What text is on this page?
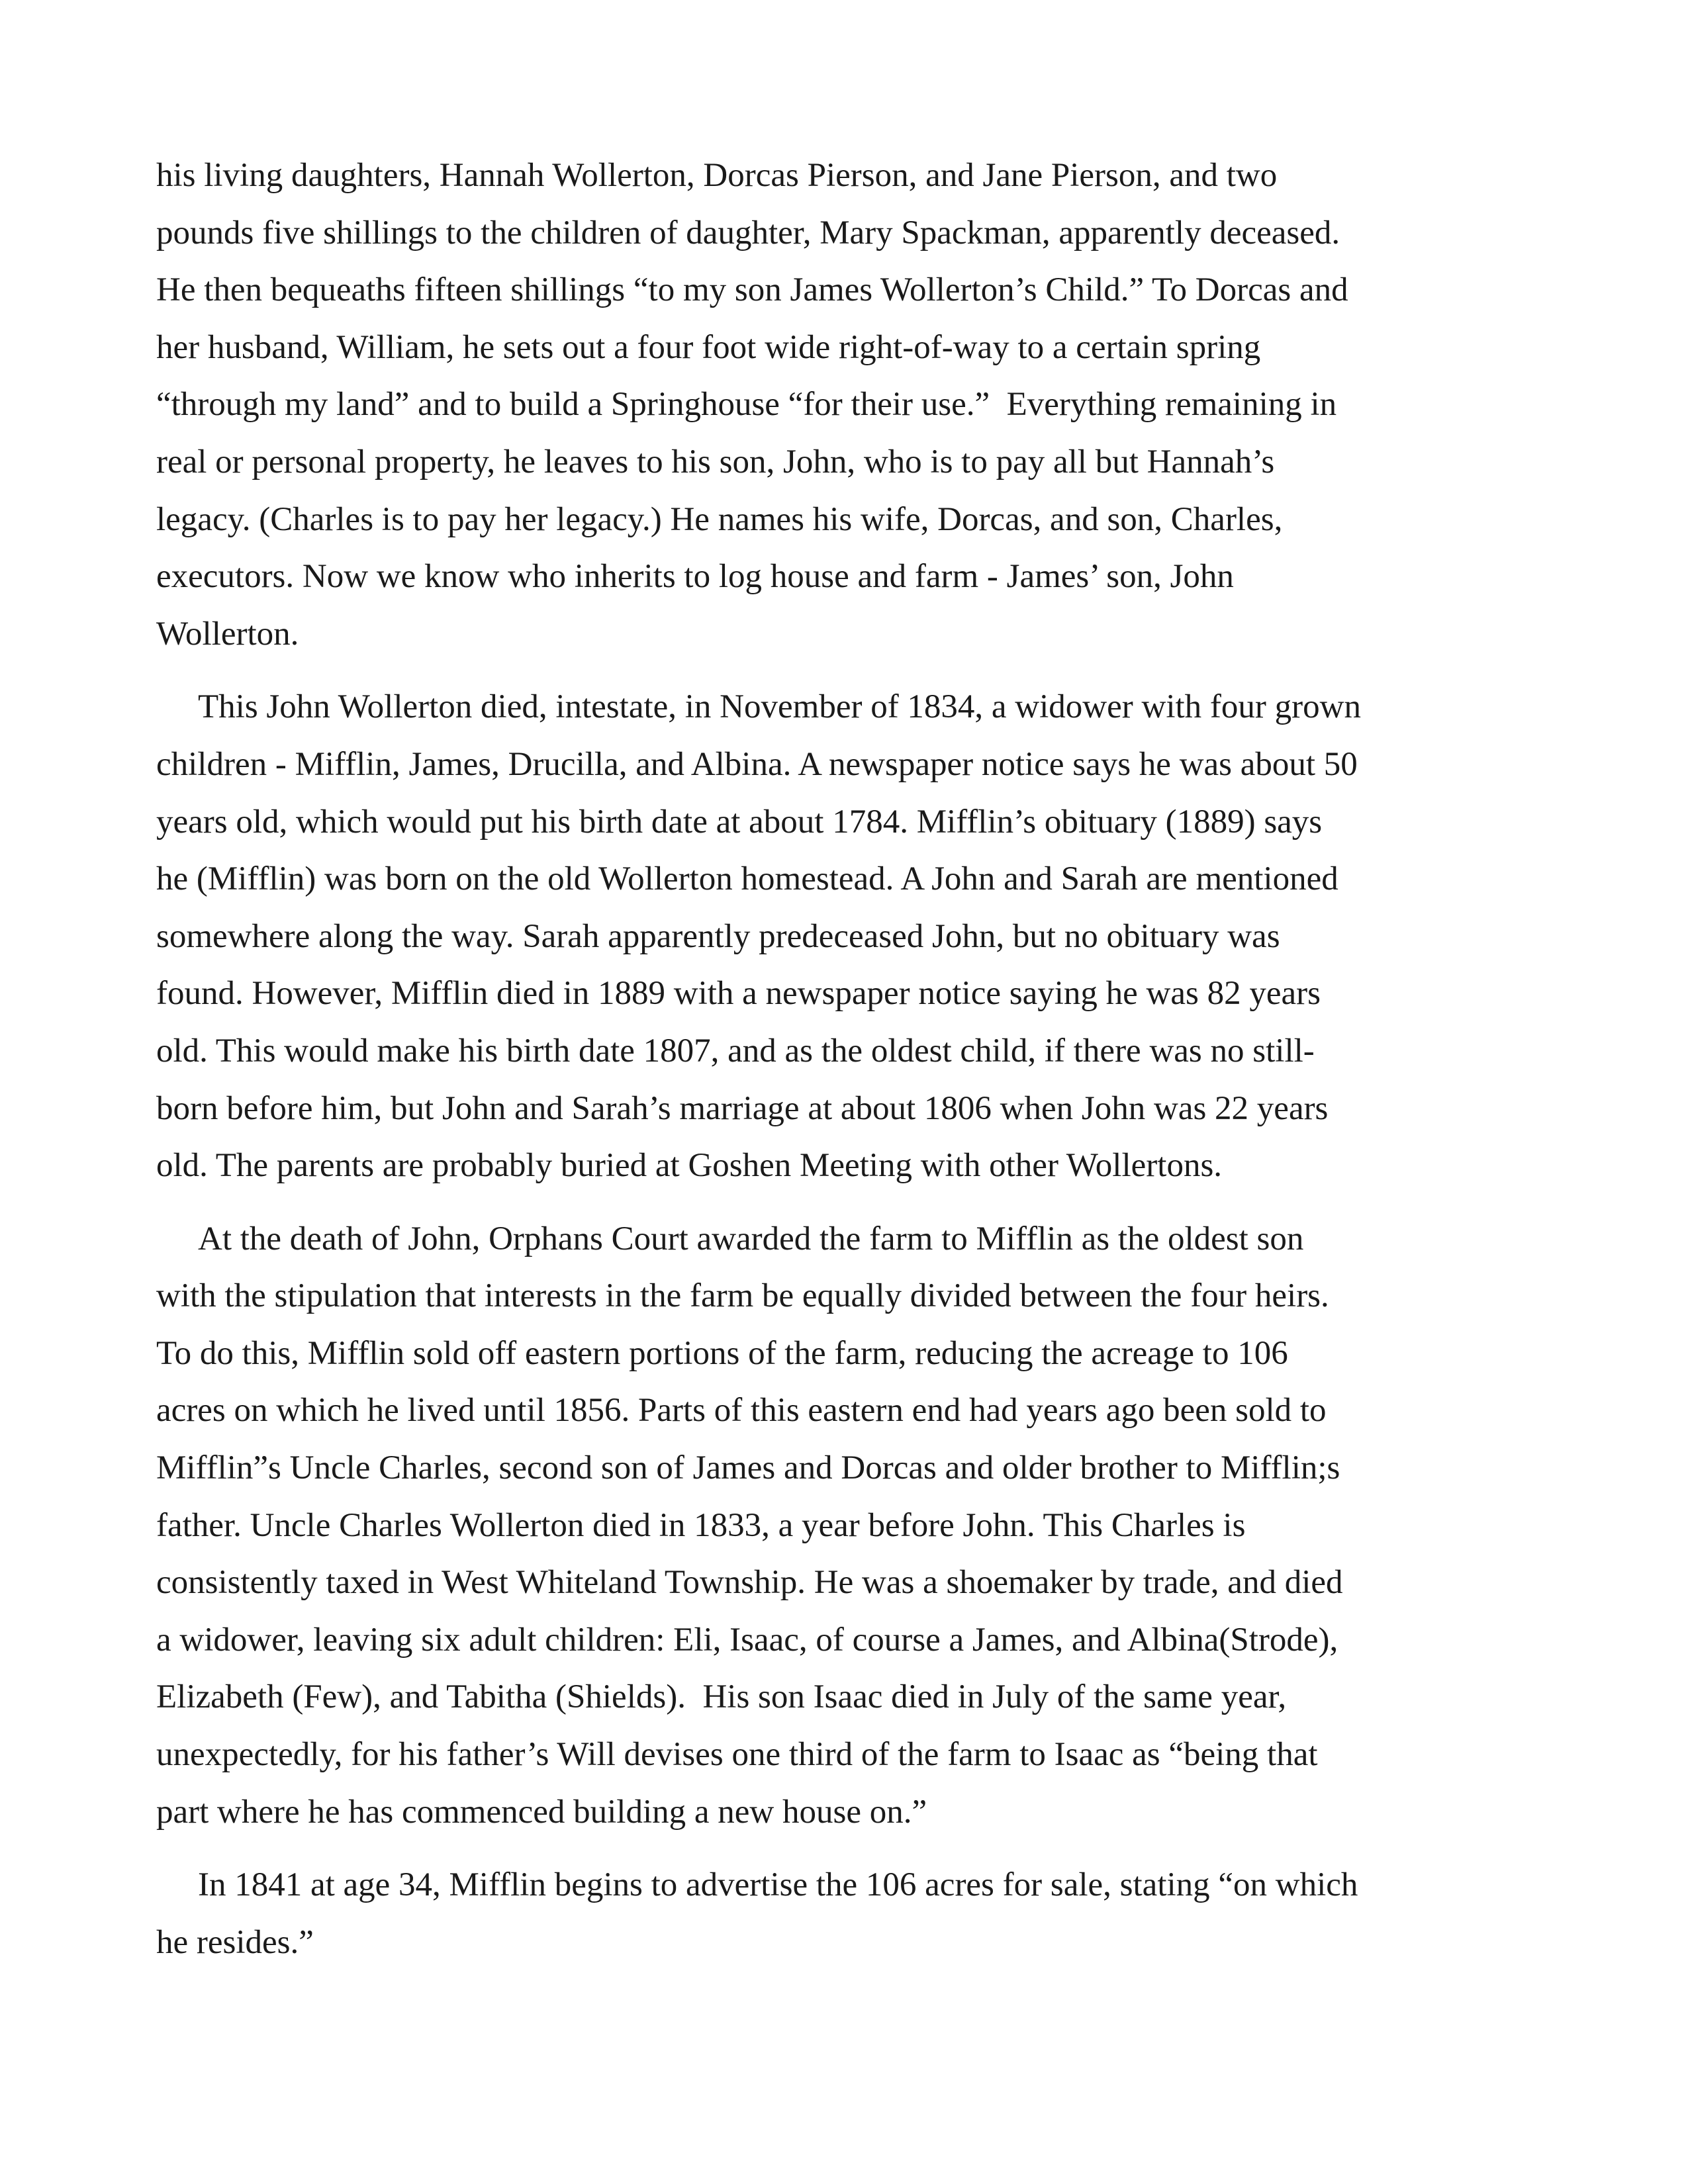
his living daughters, Hannah Wollerton, Dorcas Pierson, and Jane Pierson, and two
pounds five shillings to the children of daughter, Mary Spackman, apparently deceased.
He then bequeaths fifteen shillings “to my son James Wollerton’s Child.” To Dorcas and
her husband, William, he sets out a four foot wide right-of-way to a certain spring
“through my land” and to build a Springhouse “for their use.”  Everything remaining in
real or personal property, he leaves to his son, John, who is to pay all but Hannah’s
legacy. (Charles is to pay her legacy.) He names his wife, Dorcas, and son, Charles,
executors. Now we know who inherits to log house and farm - James’ son, John
Wollerton.

This John Wollerton died, intestate, in November of 1834, a widower with four grown
children - Mifflin, James, Drucilla, and Albina. A newspaper notice says he was about 50
years old, which would put his birth date at about 1784. Mifflin’s obituary (1889) says
he (Mifflin) was born on the old Wollerton homestead. A John and Sarah are mentioned
somewhere along the way. Sarah apparently predeceased John, but no obituary was
found. However, Mifflin died in 1889 with a newspaper notice saying he was 82 years
old. This would make his birth date 1807, and as the oldest child, if there was no still-
born before him, but John and Sarah’s marriage at about 1806 when John was 22 years
old. The parents are probably buried at Goshen Meeting with other Wollertons.

At the death of John, Orphans Court awarded the farm to Mifflin as the oldest son
with the stipulation that interests in the farm be equally divided between the four heirs.
To do this, Mifflin sold off eastern portions of the farm, reducing the acreage to 106
acres on which he lived until 1856. Parts of this eastern end had years ago been sold to
Mifflin”s Uncle Charles, second son of James and Dorcas and older brother to Mifflin;s
father. Uncle Charles Wollerton died in 1833, a year before John. This Charles is
consistently taxed in West Whiteland Township. He was a shoemaker by trade, and died
a widower, leaving six adult children: Eli, Isaac, of course a James, and Albina(Strode),
Elizabeth (Few), and Tabitha (Shields).  His son Isaac died in July of the same year,
unexpectedly, for his father’s Will devises one third of the farm to Isaac as “being that
part where he has commenced building a new house on.”

In 1841 at age 34, Mifflin begins to advertise the 106 acres for sale, stating “on which
he resides.”
